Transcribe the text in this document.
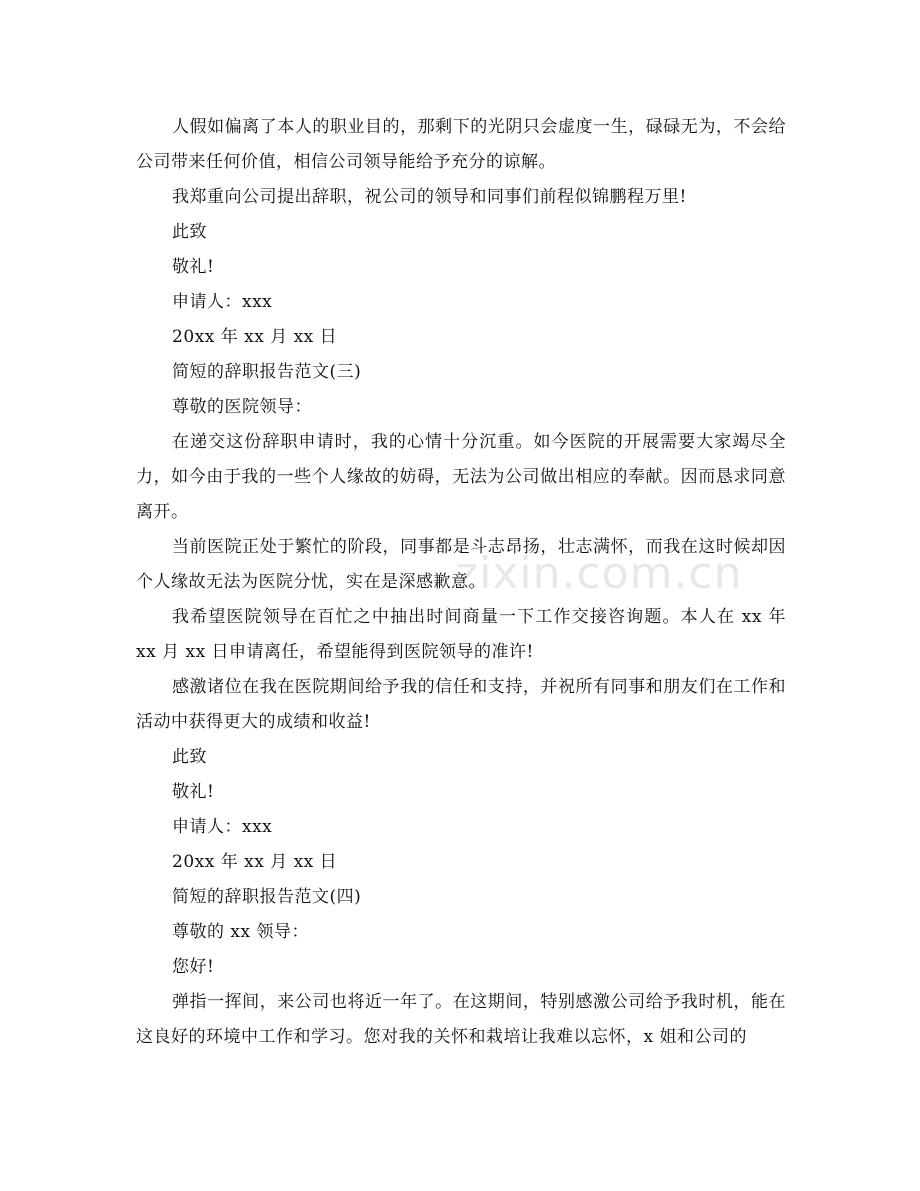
zixin.com.cn

人假如偏离了本人的职业目的，那剩下的光阴只会虚度一生，碌碌无为，不会给公司带来任何价值，相信公司领导能给予充分的谅解。

我郑重向公司提出辞职，祝公司的领导和同事们前程似锦鹏程万里!

此致

敬礼!

申请人：xxx

20xx 年 xx 月 xx 日

简短的辞职报告范文(三)

尊敬的医院领导：

在递交这份辞职申请时，我的心情十分沉重。如今医院的开展需要大家竭尽全力，如今由于我的一些个人缘故的妨碍，无法为公司做出相应的奉献。因而恳求同意离开。

当前医院正处于繁忙的阶段，同事都是斗志昂扬，壮志满怀，而我在这时候却因个人缘故无法为医院分忧，实在是深感歉意。

我希望医院领导在百忙之中抽出时间商量一下工作交接咨询题。本人在 xx 年 xx 月 xx 日申请离任，希望能得到医院领导的准许!

感激诸位在我在医院期间给予我的信任和支持，并祝所有同事和朋友们在工作和活动中获得更大的成绩和收益!

此致

敬礼!

申请人：xxx

20xx 年 xx 月 xx 日

简短的辞职报告范文(四)

尊敬的 xx 领导：

您好!

弹指一挥间，来公司也将近一年了。在这期间，特别感激公司给予我时机，能在这良好的环境中工作和学习。您对我的关怀和栽培让我难以忘怀，x 姐和公司的
